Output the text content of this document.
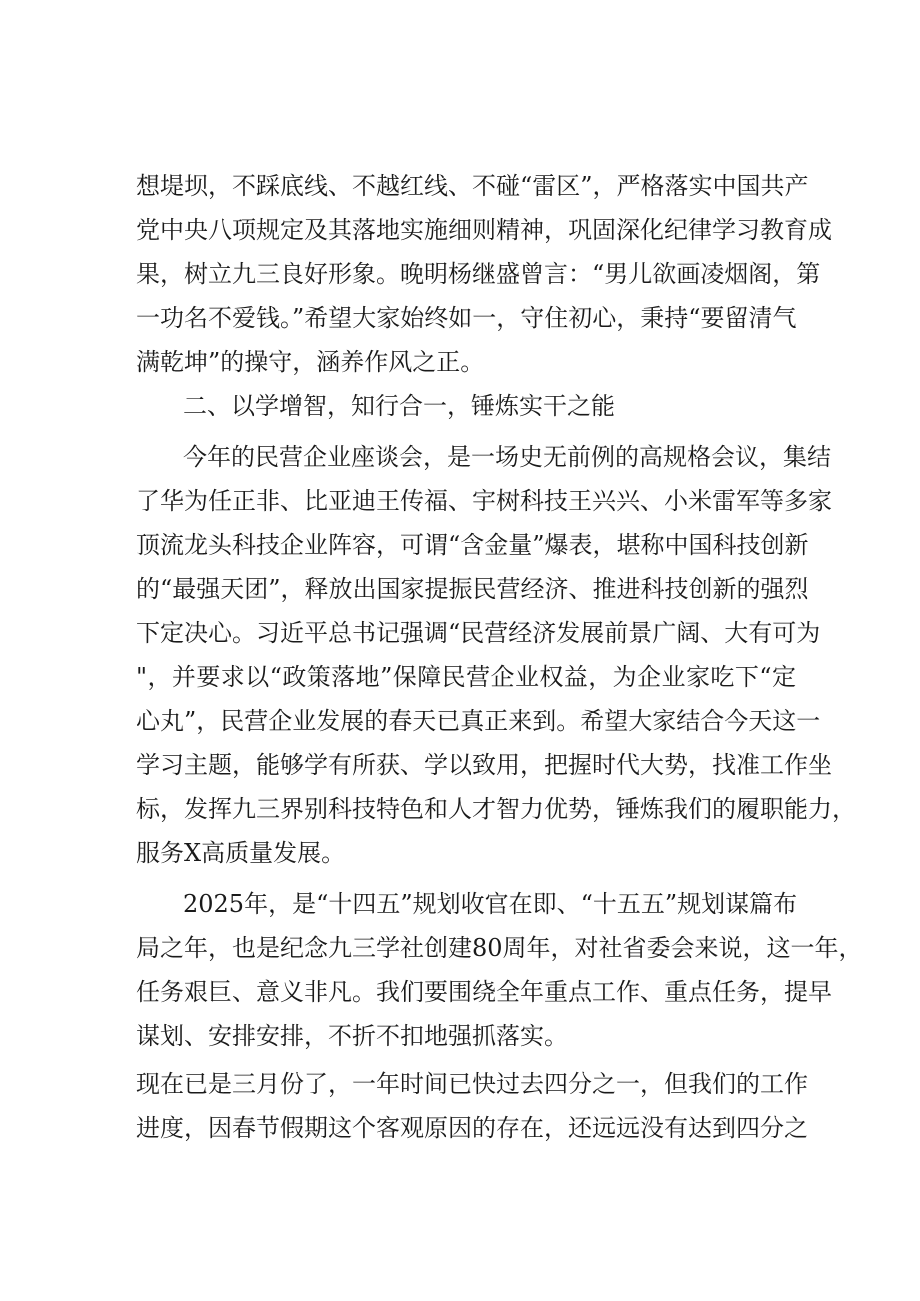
想堤坝，不踩底线、不越红线、不碰“雷区”，严格落实中国共产
党中央八项规定及其落地实施细则精神，巩固深化纪律学习教育成
果，树立九三良好形象。晚明杨继盛曾言：“男儿欲画凌烟阁，第
一功名不爱钱。”希望大家始终如一，守住初心，秉持“要留清气
满乾坤”的操守，涵养作风之正。
二、以学增智，知行合一，锤炼实干之能
今年的民营企业座谈会，是一场史无前例的高规格会议，集结
了华为任正非、比亚迪王传福、宇树科技王兴兴、小米雷军等多家
顶流龙头科技企业阵容，可谓“含金量”爆表，堪称中国科技创新
的“最强天团”，释放出国家提振民营经济、推进科技创新的强烈
下定决心。习近平总书记强调“民营经济发展前景广阔、大有可为
"，并要求以“政策落地”保障民营企业权益，为企业家吃下“定
心丸”，民营企业发展的春天已真正来到。希望大家结合今天这一
学习主题，能够学有所获、学以致用，把握时代大势，找准工作坐
标，发挥九三界别科技特色和人才智力优势，锤炼我们的履职能力，
服务X高质量发展。
2025年，是“十四五”规划收官在即、“十五五”规划谋篇布
局之年，也是纪念九三学社创建80周年，对社省委会来说，这一年，
任务艰巨、意义非凡。我们要围绕全年重点工作、重点任务，提早
谋划、安排安排，不折不扣地强抓落实。
现在已是三月份了，一年时间已快过去四分之一，但我们的工作
进度，因春节假期这个客观原因的存在，还远远没有达到四分之
